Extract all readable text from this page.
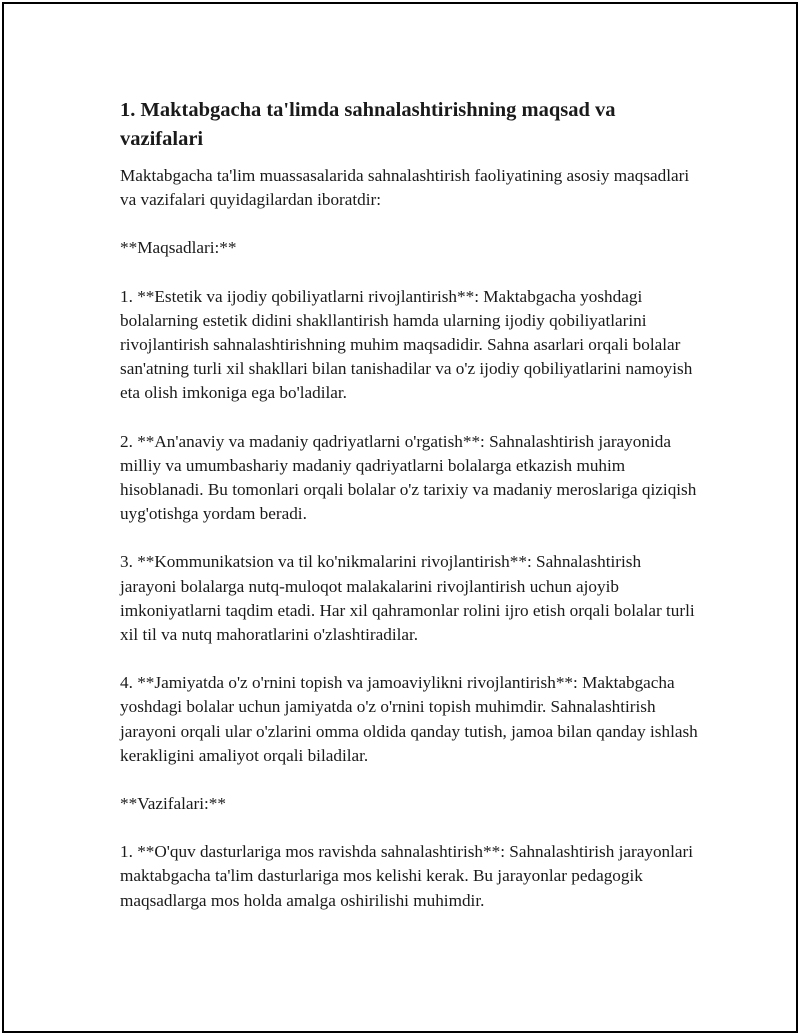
1. Maktabgacha ta'limda sahnalashtirishning maqsad va vazifalari

Maktabgacha ta'lim muassasalarida sahnalashtirish faoliyatining asosiy maqsadlari va vazifalari quyidagilardan iboratdir:

**Maqsadlari:**

1. **Estetik va ijodiy qobiliyatlarni rivojlantirish**: Maktabgacha yoshdagi bolalarning estetik didini shakllantirish hamda ularning ijodiy qobiliyatlarini rivojlantirish sahnalashtirishning muhim maqsadidir. Sahna asarlari orqali bolalar san'atning turli xil shakllari bilan tanishadilar va o'z ijodiy qobiliyatlarini namoyish eta olish imkoniga ega bo'ladilar.

2. **An'anaviy va madaniy qadriyatlarni o'rgatish**: Sahnalashtirish jarayonida milliy va umumbashariy madaniy qadriyatlarni bolalarga etkazish muhim hisoblanadi. Bu tomonlari orqali bolalar o'z tarixiy va madaniy meroslariga qiziqish uyg'otishga yordam beradi.

3. **Kommunikatsion va til ko'nikmalarini rivojlantirish**: Sahnalashtirish jarayoni bolalarga nutq-muloqot malakalarini rivojlantirish uchun ajoyib imkoniyatlarni taqdim etadi. Har xil qahramonlar rolini ijro etish orqali bolalar turli xil til va nutq mahoratlarini o'zlashtiradilar.

4. **Jamiyatda o'z o'rnini topish va jamoaviylikni rivojlantirish**: Maktabgacha yoshdagi bolalar uchun jamiyatda o'z o'rnini topish muhimdir. Sahnalashtirish jarayoni orqali ular o'zlarini omma oldida qanday tutish, jamoa bilan qanday ishlash kerakligini amaliyot orqali biladilar.

**Vazifalari:**

1. **O'quv dasturlariga mos ravishda sahnalashtirish**: Sahnalashtirish jarayonlari maktabgacha ta'lim dasturlariga mos kelishi kerak. Bu jarayonlar pedagogik maqsadlarga mos holda amalga oshirilishi muhimdir.
